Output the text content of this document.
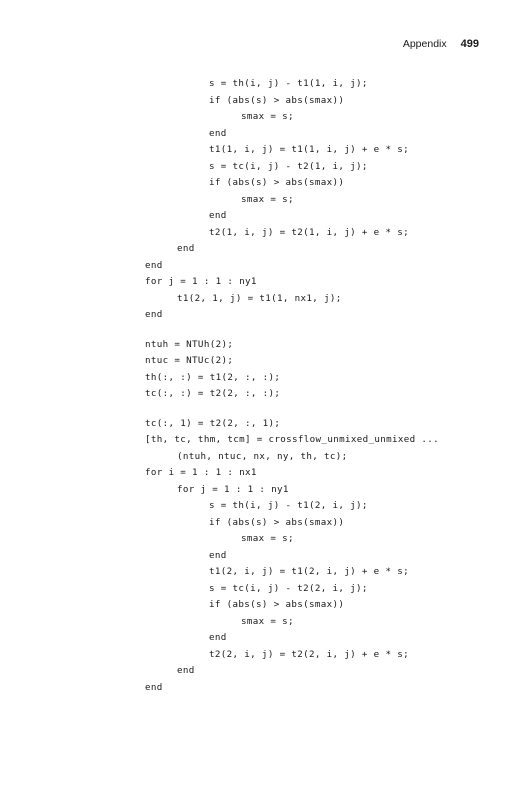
Appendix 499
s = th(i, j) - t1(1, i, j);
if (abs(s) > abs(smax))
smax = s;
end
t1(1, i, j) = t1(1, i, j) + e * s;
s = tc(i, j) - t2(1, i, j);
if (abs(s) > abs(smax))
smax = s;
end
t2(1, i, j) = t2(1, i, j) + e * s;
end
end
for j = 1 : 1 : ny1
t1(2, 1, j) = t1(1, nx1, j);
end
ntuh = NTUh(2);
ntuc = NTUc(2);
th(:, :) = t1(2, :, :);
tc(:, :) = t2(2, :, :);
tc(:, 1) = t2(2, :, 1);
[th, tc, thm, tcm] = crossflow_unmixed_unmixed ...
(ntuh, ntuc, nx, ny, th, tc);
for i = 1 : 1 : nx1
for j = 1 : 1 : ny1
s = th(i, j) - t1(2, i, j);
if (abs(s) > abs(smax))
smax = s;
end
t1(2, i, j) = t1(2, i, j) + e * s;
s = tc(i, j) - t2(2, i, j);
if (abs(s) > abs(smax))
smax = s;
end
t2(2, i, j) = t2(2, i, j) + e * s;
end
end
